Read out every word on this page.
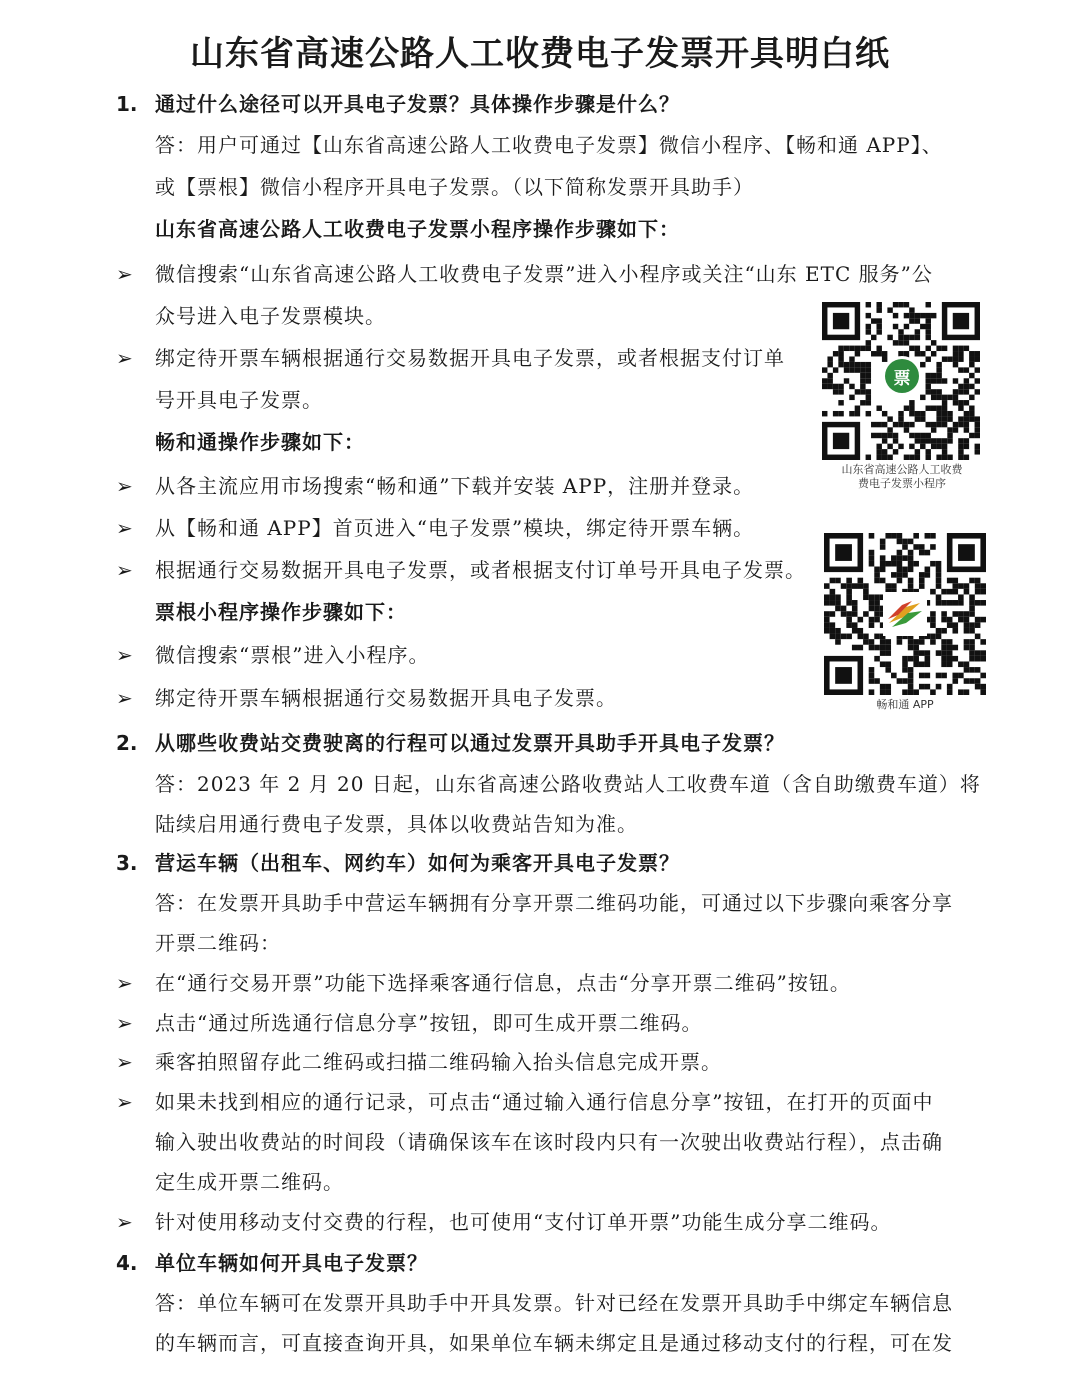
山东省高速公路人工收费电子发票开具明白纸
1. 通过什么途径可以开具电子发票？具体操作步骤是什么？
答：用户可通过【山东省高速公路人工收费电子发票】微信小程序、【畅和通 APP】、
或【票根】微信小程序开具电子发票。（以下简称发票开具助手）
山东省高速公路人工收费电子发票小程序操作步骤如下：
➢ 微信搜索“山东省高速公路人工收费电子发票”进入小程序或关注“山东 ETC 服务”公
众号进入电子发票模块。
➢ 绑定待开票车辆根据通行交易数据开具电子发票，或者根据支付订单
号开具电子发票。
畅和通操作步骤如下：
➢ 从各主流应用市场搜索“畅和通”下载并安装 APP，注册并登录。
➢ 从【畅和通 APP】首页进入“电子发票”模块，绑定待开票车辆。
➢ 根据通行交易数据开具电子发票，或者根据支付订单号开具电子发票。
票根小程序操作步骤如下：
➢ 微信搜索“票根”进入小程序。
➢ 绑定待开票车辆根据通行交易数据开具电子发票。
票
山东省高速公路人工收费
费电子发票小程序
畅和通 APP
2. 从哪些收费站交费驶离的行程可以通过发票开具助手开具电子发票？
答：2023 年 2 月 20 日起，山东省高速公路收费站人工收费车道（含自助缴费车道）将
陆续启用通行费电子发票，具体以收费站告知为准。
3. 营运车辆（出租车、网约车）如何为乘客开具电子发票？
答：在发票开具助手中营运车辆拥有分享开票二维码功能，可通过以下步骤向乘客分享
开票二维码：
➢ 在“通行交易开票”功能下选择乘客通行信息，点击“分享开票二维码”按钮。
➢ 点击“通过所选通行信息分享”按钮，即可生成开票二维码。
➢ 乘客拍照留存此二维码或扫描二维码输入抬头信息完成开票。
➢ 如果未找到相应的通行记录，可点击“通过输入通行信息分享”按钮，在打开的页面中
输入驶出收费站的时间段（请确保该车在该时段内只有一次驶出收费站行程），点击确
定生成开票二维码。
➢ 针对使用移动支付交费的行程，也可使用“支付订单开票”功能生成分享二维码。
4. 单位车辆如何开具电子发票？
答：单位车辆可在发票开具助手中开具发票。针对已经在发票开具助手中绑定车辆信息
的车辆而言，可直接查询开具，如果单位车辆未绑定且是通过移动支付的行程，可在发
